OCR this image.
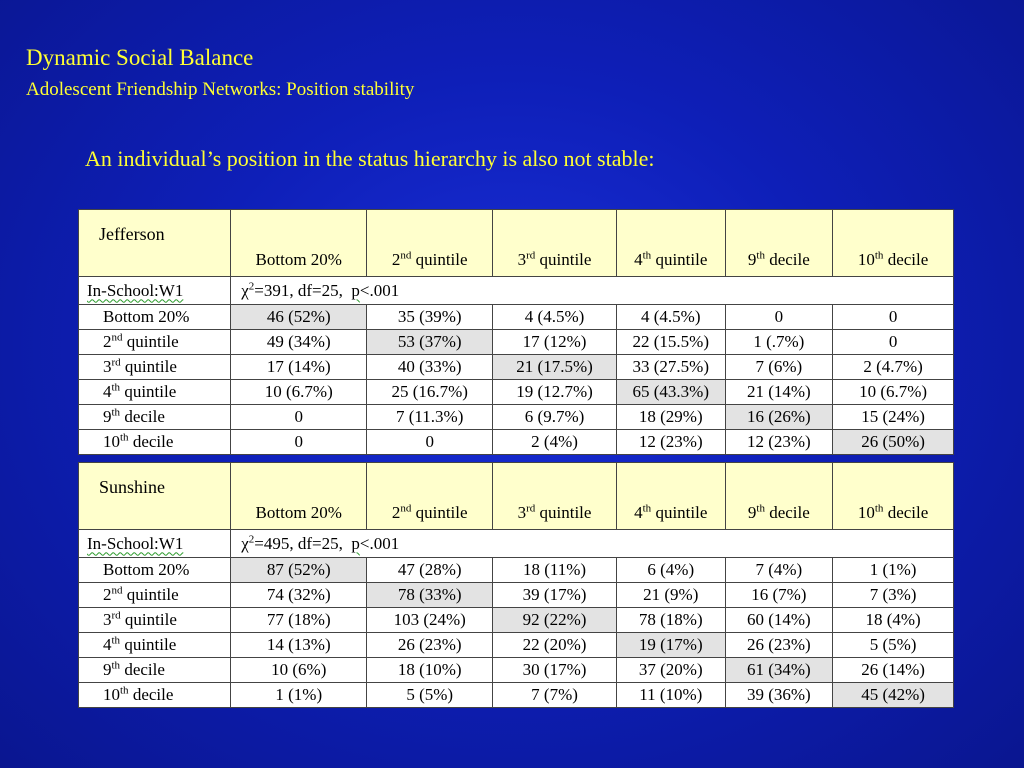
Dynamic Social Balance
Adolescent Friendship Networks: Position stability
An individual’s position in the status hierarchy is also not stable:
Jefferson	Bottom 20%	2nd quintile	3rd quintile	4th quintile	9th decile	10th decile
In-School:W1	$\chi^2=391$, df=25, p<.001					
Bottom 20%	46 (52%)	35 (39%)	4 (4.5%)	4 (4.5%)	0	0
2nd quintile	49 (34%)	53 (37%)	17 (12%)	22 (15.5%)	1 (.7%)	0
3rd quintile	17 (14%)	40 (33%)	21 (17.5%)	33 (27.5%)	7 (6%)	2 (4.7%)
4th quintile	10 (6.7%)	25 (16.7%)	19 (12.7%)	65 (43.3%)	21 (14%)	10 (6.7%)
9th decile	0	7 (11.3%)	6 (9.7%)	18 (29%)	16 (26%)	15 (24%)
10th decile	0	0	2 (4%)	12 (23%)	12 (23%)	26 (50%)
Sunshine	Bottom 20%	2nd quintile	3rd quintile	4th quintile	9th decile	10th decile
In-School:W1	$\chi^2=495$, df=25, p<.001					
Bottom 20%	87 (52%)	47 (28%)	18 (11%)	6 (4%)	7 (4%)	1 (1%)
2nd quintile	74 (32%)	78 (33%)	39 (17%)	21 (9%)	16 (7%)	7 (3%)
3rd quintile	77 (18%)	103 (24%)	92 (22%)	78 (18%)	60 (14%)	18 (4%)
4th quintile	14 (13%)	26 (23%)	22 (20%)	19 (17%)	26 (23%)	5 (5%)
9th decile	10 (6%)	18 (10%)	30 (17%)	37 (20%)	61 (34%)	26 (14%)
10th decile	1 (1%)	5 (5%)	7 (7%)	11 (10%)	39 (36%)	45 (42%)
